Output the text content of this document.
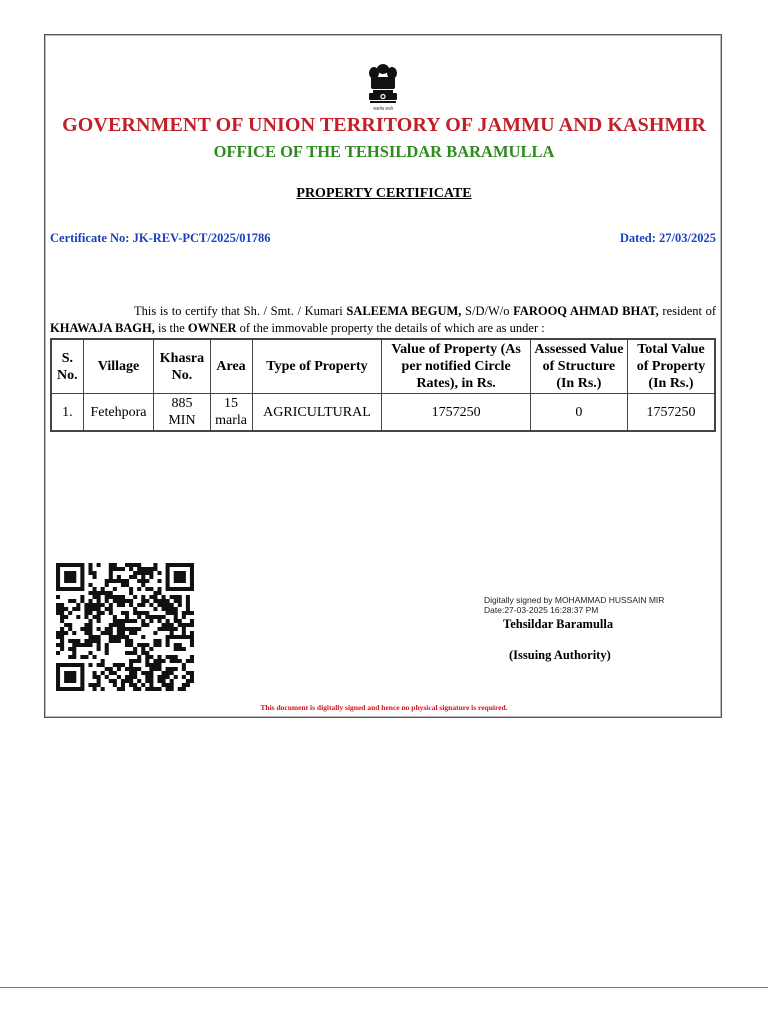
सत्यमेव जयते
GOVERNMENT OF UNION TERRITORY OF JAMMU AND KASHMIR
OFFICE OF THE TEHSILDAR BARAMULLA
PROPERTY CERTIFICATE
Certificate No: JK-REV-PCT/2025/01786	Dated: 27/03/2025

This is to certify that Sh. / Smt. / Kumari SALEEMA BEGUM, S/D/W/o FAROOQ AHMAD BHAT, resident of KHAWAJA BAGH, is the OWNER of the immovable property the details of which are as under :

S. No.	Village	Khasra No.	Area	Type of Property	Value of Property (As per notified Circle Rates), in Rs.	Assessed Value of Structure (In Rs.)	Total Value of Property (In Rs.)
1.	Fetehpora	885 MIN	15 marla	AGRICULTURAL	1757250	0	1757250
Digitally signed by MOHAMMAD HUSSAIN MIR
Date:27-03-2025 16:28:37 PM
Tehsildar Baramulla
(Issuing Authority)
This document is digitally signed and hence no physical signature is required.
